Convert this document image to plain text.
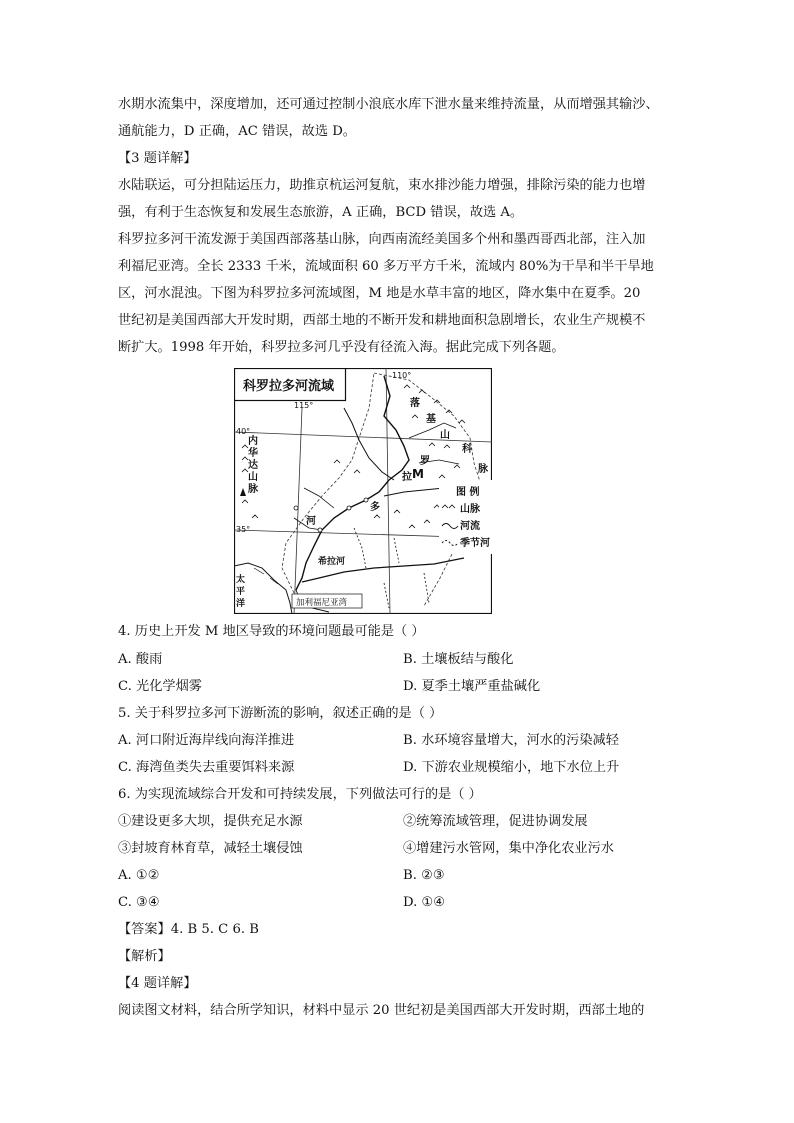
水期水流集中，深度增加，还可通过控制小浪底水库下泄水量来维持流量，从而增强其输沙、

通航能力，D 正确，AC 错误，故选 D。

【3 题详解】

水陆联运，可分担陆运压力，助推京杭运河复航，束水排沙能力增强，排除污染的能力也增

强，有利于生态恢复和发展生态旅游，A 正确，BCD 错误，故选 A。

科罗拉多河干流发源于美国西部落基山脉，向西南流经美国多个州和墨西哥西北部，注入加

利福尼亚湾。全长 2333 千米，流域面积 60 多万平方千米，流域内 80%为干旱和半干旱地

区，河水混浊。下图为科罗拉多河流域图，M 地是水草丰富的地区，降水集中在夏季。20

世纪初是美国西部大开发时期，西部土地的不断开发和耕地面积急剧增长，农业生产规模不

断扩大。1998 年开始，科罗拉多河几乎没有径流入海。据此完成下列各题。

科罗拉多河流域
110°
115°
40°
35°
落
基
山
科
脉
罗
拉 M
多
河
内
华
达
山
脉
希拉河
太
平
洋	加利福尼亚湾
图 例
山脉
河流
季节河

4. 历史上开发 M 地区导致的环境问题最可能是（ ）

A. 酸雨	B. 土壤板结与酸化
C. 光化学烟雾	D. 夏季土壤严重盐碱化

5. 关于科罗拉多河下游断流的影响，叙述正确的是（ ）

A. 河口附近海岸线向海洋推进	B. 水环境容量增大，河水的污染减轻
C. 海湾鱼类失去重要饵料来源	D. 下游农业规模缩小，地下水位上升

6. 为实现流域综合开发和可持续发展，下列做法可行的是（ ）

①建设更多大坝，提供充足水源	②统筹流域管理，促进协调发展
③封坡育林育草，减轻土壤侵蚀	④增建污水管网，集中净化农业污水
A. ①②	B. ②③
C. ③④	D. ①④

【答案】4. B 5. C 6. B

【解析】

【4 题详解】

阅读图文材料，结合所学知识，材料中显示 20 世纪初是美国西部大开发时期，西部土地的
